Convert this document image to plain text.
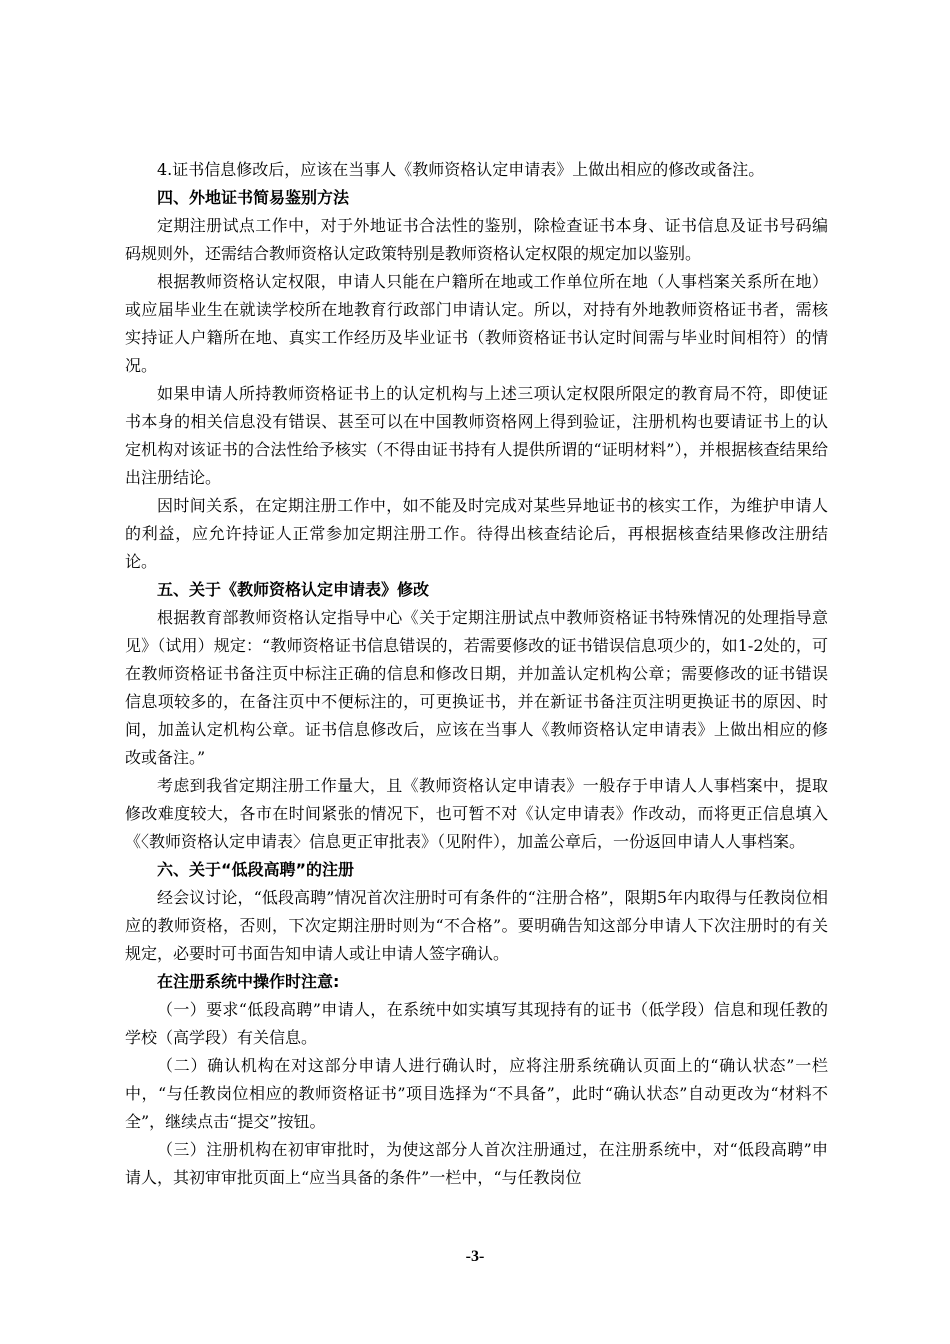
4.证书信息修改后，应该在当事人《教师资格认定申请表》上做出相应的修改或备注。

四、外地证书简易鉴别方法

定期注册试点工作中，对于外地证书合法性的鉴别，除检查证书本身、证书信息及证书号码编码规则外，还需结合教师资格认定政策特别是教师资格认定权限的规定加以鉴别。

根据教师资格认定权限，申请人只能在户籍所在地或工作单位所在地（人事档案关系所在地）或应届毕业生在就读学校所在地教育行政部门申请认定。所以，对持有外地教师资格证书者，需核实持证人户籍所在地、真实工作经历及毕业证书（教师资格证书认定时间需与毕业时间相符）的情况。

如果申请人所持教师资格证书上的认定机构与上述三项认定权限所限定的教育局不符，即使证书本身的相关信息没有错误、甚至可以在中国教师资格网上得到验证，注册机构也要请证书上的认定机构对该证书的合法性给予核实（不得由证书持有人提供所谓的“证明材料”），并根据核查结果给出注册结论。

因时间关系，在定期注册工作中，如不能及时完成对某些异地证书的核实工作，为维护申请人的利益，应允许持证人正常参加定期注册工作。待得出核查结论后，再根据核查结果修改注册结论。

五、关于《教师资格认定申请表》修改

根据教育部教师资格认定指导中心《关于定期注册试点中教师资格证书特殊情况的处理指导意见》（试用）规定：“教师资格证书信息错误的，若需要修改的证书错误信息项少的，如1-2处的，可在教师资格证书备注页中标注正确的信息和修改日期，并加盖认定机构公章；需要修改的证书错误信息项较多的，在备注页中不便标注的，可更换证书，并在新证书备注页注明更换证书的原因、时间，加盖认定机构公章。证书信息修改后，应该在当事人《教师资格认定申请表》上做出相应的修改或备注。”

考虑到我省定期注册工作量大，且《教师资格认定申请表》一般存于申请人人事档案中，提取修改难度较大，各市在时间紧张的情况下，也可暂不对《认定申请表》作改动，而将更正信息填入《〈教师资格认定申请表〉信息更正审批表》（见附件），加盖公章后，一份返回申请人人事档案。

六、关于“低段高聘”的注册

经会议讨论，“低段高聘”情况首次注册时可有条件的“注册合格”，限期5年内取得与任教岗位相应的教师资格，否则，下次定期注册时则为“不合格”。要明确告知这部分申请人下次注册时的有关规定，必要时可书面告知申请人或让申请人签字确认。

在注册系统中操作时注意:

（一）要求“低段高聘”申请人，在系统中如实填写其现持有的证书（低学段）信息和现任教的学校（高学段）有关信息。

（二）确认机构在对这部分申请人进行确认时，应将注册系统确认页面上的“确认状态”一栏中，“与任教岗位相应的教师资格证书”项目选择为“不具备”，此时“确认状态”自动更改为“材料不全”，继续点击“提交”按钮。

（三）注册机构在初审审批时，为使这部分人首次注册通过，在注册系统中，对“低段高聘”申请人，其初审审批页面上“应当具备的条件”一栏中，“与任教岗位

-3-
